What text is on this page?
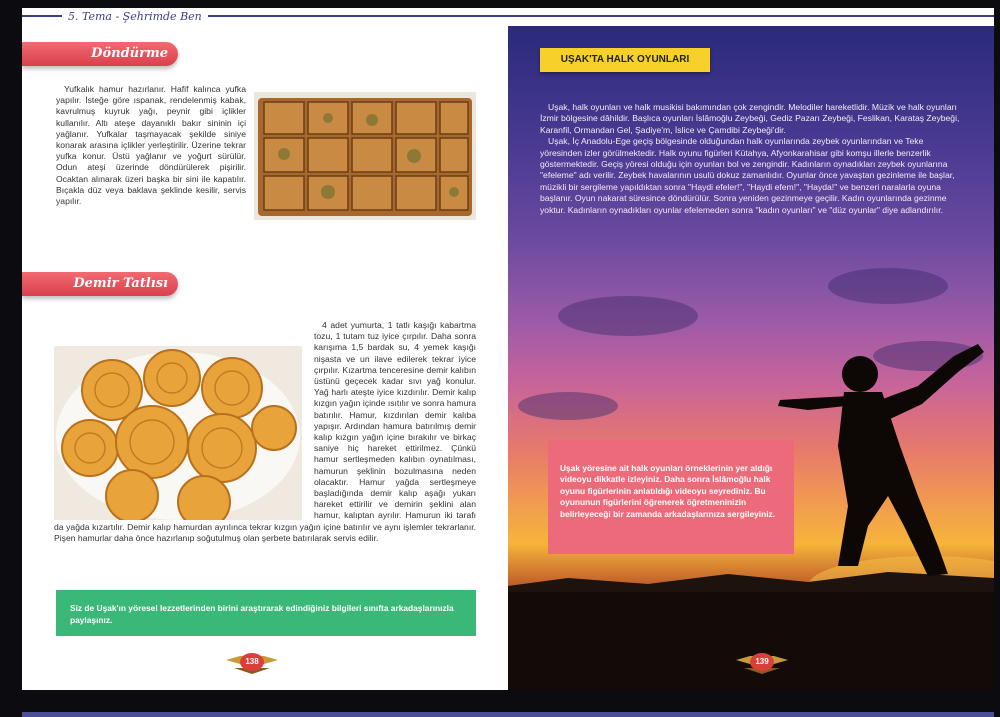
5. Tema - Şehrimde Ben
Döndürme
Yufkalık hamur hazırlanır. Hafif kalınca yufka yapılır. İsteğe göre ıspanak, rendelenmiş kabak, kavrulmuş kuyruk yağı, peynir gibi içlikler kullanılır. Altı ateşe dayanıklı bakır sininin içi yağlanır. Yufkalar taşmayacak şekilde siniye konarak arasına içlikler yerleştirilir. Üzerine tekrar yufka konur. Üstü yağlanır ve yoğurt sürülür. Odun ateşi üzerinde döndürülerek pişirilir. Ocaktan alınarak üzeri başka bir sini ile kapatılır. Bıçakla düz veya baklava şeklinde kesilir, servis yapılır.
Demir Tatlısı
4 adet yumurta, 1 tatlı kaşığı kabartma tozu, 1 tutam tuz iyice çırpılır. Daha sonra karışıma 1,5 bardak su, 4 yemek kaşığı nişasta ve un ilave edilerek tekrar iyice çırpılır. Kızartma tenceresine demir kalıbın üstünü geçecek kadar sıvı yağ konulur. Yağ harlı ateşte iyice kızdırılır. Demir kalıp kızgın yağın içinde ısıtılır ve sonra hamura batırılır. Hamur, kızdırılan demir kalıba yapışır. Ardından hamura batırılmış demir kalıp kızgın yağın içine bırakılır ve birkaç saniye hiç hareket ettirilmez. Çünkü hamur sertleşmeden kalıbın oynatılması, hamurun şeklinin bozulmasına neden olacaktır. Hamur yağda sertleşmeye başladığında demir kalıp aşağı yukarı hareket ettirilir ve demirin şeklini alan hamur, kalıptan ayrılır. Hamurun iki tarafı da yağda kızartılır. Demir kalıp hamurdan ayrılınca tekrar kızgın yağın içine batırılır ve aynı işlemler tekrarlanır. Pişen hamurlar daha önce hazırlanıp soğutulmuş olan şerbete batırılarak servis edilir.
Siz de Uşak'ın yöresel lezzetlerinden birini araştırarak edindiğiniz bilgileri sınıfta arkadaşlarınızla paylaşınız.
138
UŞAK'TA HALK OYUNLARI
Uşak, halk oyunları ve halk musikisi bakımından çok zengindir. Melodiler hareketlidir. Müzik ve halk oyunları İzmir bölgesine dâhildir. Başlıca oyunları İslâmoğlu Zeybeği, Gediz Pazarı Zeybeği, Feslikan, Karataş Zeybeği, Karanfil, Ormandan Gel, Şadiye'm, İslice ve Çamdibi Zeybeği'dir.
Uşak, İç Anadolu-Ege geçiş bölgesinde olduğundan halk oyunlarında zeybek oyunlarından ve Teke yöresinden izler görülmektedir. Halk oyunu figürleri Kütahya, Afyonkarahisar gibi komşu illerle benzerlik göstermektedir. Geçiş yöresi olduğu için oyunları bol ve zengindir. Kadınların oynadıkları zeybek oyunlarına "efeleme" adı verilir. Zeybek havalarının usulü dokuz zamanlıdır. Oyunlar önce yavaştan gezinleme ile başlar, müzikli bir sergileme yapıldıktan sonra "Haydi efeler!", "Haydi efem!", "Hayda!" ve benzeri naralarla oyuna başlanır. Oyun nakarat süresince döndürülür. Sonra yeniden gezinmeye geçilir. Kadın oyunlarında gezinme yoktur. Kadınların oynadıkları oyunlar efelemeden sonra "kadın oyunları" ve "düz oyunlar" diye adlandırılır.
Uşak yöresine ait halk oyunları örneklerinin yer aldığı videoyu dikkatle izleyiniz. Daha sonra İslâmoğlu halk oyunu figürlerinin anlatıldığı videoyu seyrediniz. Bu oyununun figürlerini öğrenerek öğretmeninizin belirleyeceği bir zamanda arkadaşlarınıza sergileyiniz.
139
